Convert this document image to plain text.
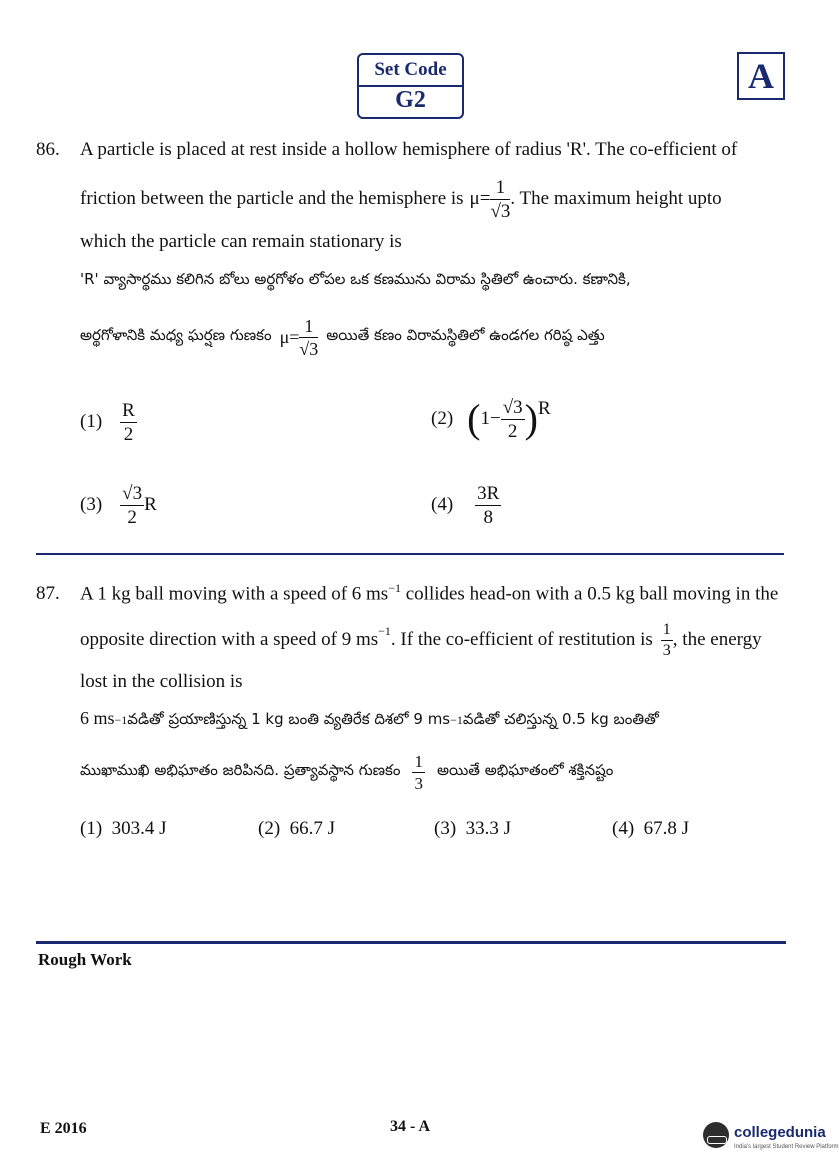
Set Code
G2
A
86. A particle is placed at rest inside a hollow hemisphere of radius 'R'. The co-efficient of
friction between the particle and the hemisphere is $\mu= \frac{1}{√3}$ . The maximum height upto
which the particle can remain stationary is
'R' వ్యాసార్థము కలిగిన బోలు అర్థగోళం లోపల ఒక కణమును విరామ స్థితిలో ఉంచారు. కణానికి,
అర్థగోళానికి మధ్య ఘర్షణ గుణకం $\mu= \frac{1}{√3}$ అయితే కణం విరామస్థితిలో ఉండగల గరిష్ఠ ఎత్తు
$(1) \frac{R}{2}$	(2) ( $1- \frac{√3}{2}$ ) R
$(3) \frac{√3}{2}$ R	$(4) \frac{3R}{8}$
87. A 1 kg ball moving with a speed of 6 $ms^{-1}$ collides head-on with a 0.5 kg ball moving in the
opposite direction with a speed of 9 $ms^{-1}$ . If the co-efficient of restitution is $\frac{1}{3}$ , the energy
lost in the collision is
6 ms −1 వడితో ప్రయాణిస్తున్న 1 kg బంతి వ్యతిరేక దిశలో 9 ms −1 వడితో చలిస్తున్న 0.5 kg బంతితో
ముఖాముఖి అభిఘాతం జరిపినది. ప్రత్యావస్థాన గుణకం $\frac{1}{3}$ అయితే అభిఘాతంలో శక్తినష్టం
(1) 303.4 J	(2) 66.7 J	(3) 33.3 J	(4) 67.8 J
Rough Work
E 2016	34 - A	collegedunia
India's largest Student Review Platform
